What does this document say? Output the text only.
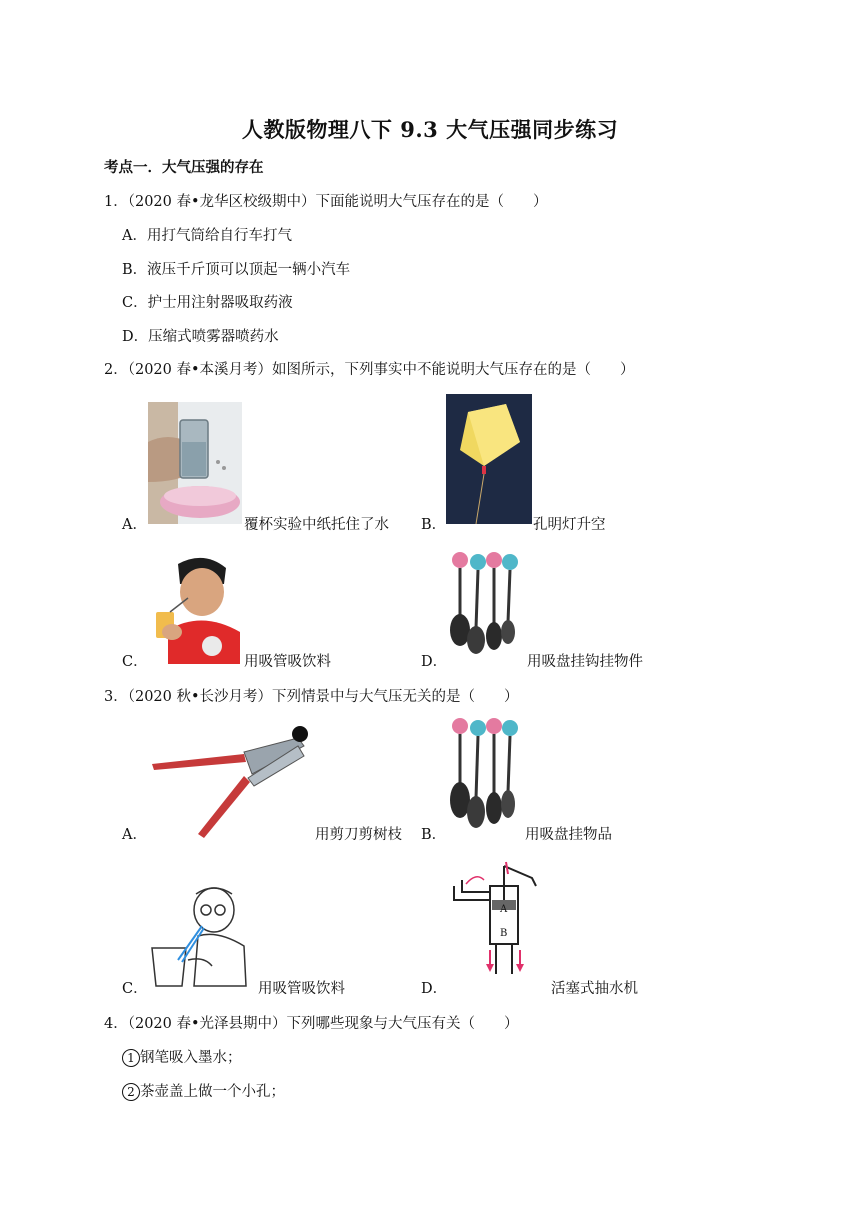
人教版物理八下 9.3 大气压强同步练习
考点一．大气压强的存在
1．（2020 春•龙华区校级期中）下面能说明大气压存在的是（　　）
A．用打气筒给自行车打气
B．液压千斤顶可以顶起一辆小汽车
C．护士用注射器吸取药液
D．压缩式喷雾器喷药水
2．（2020 春•本溪月考）如图所示，下列事实中不能说明大气压存在的是（　　）
A．	覆杯实验中纸托住了水 B．	孔明灯升空
C．	用吸管吸饮料	D．	用吸盘挂钩挂物件
3．（2020 秋•长沙月考）下列情景中与大气压无关的是（　　）
A．	用剪刀剪树枝 B．	用吸盘挂物品
C．	用吸管吸饮料
A
B
D．	活塞式抽水机
4．（2020 春•光泽县期中）下列哪些现象与大气压有关（　　）
1 钢笔吸入墨水；
2 茶壶盖上做一个小孔；
